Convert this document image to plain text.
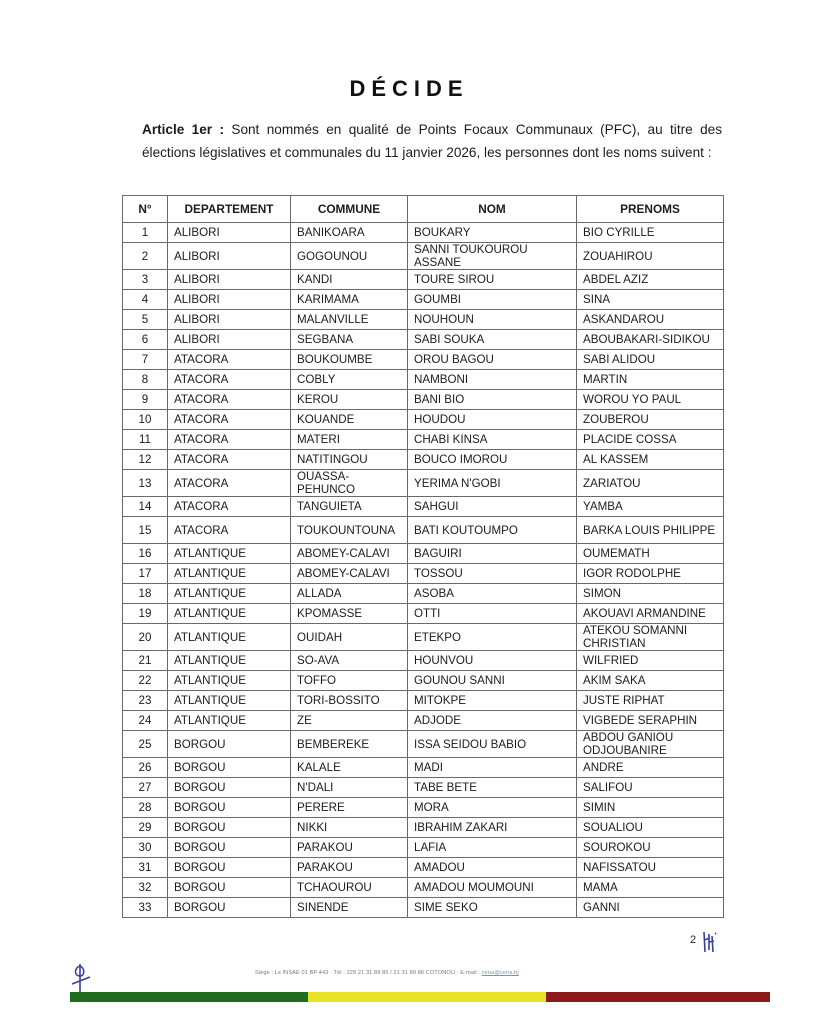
DÉCIDE
Article 1er : Sont nommés en qualité de Points Focaux Communaux (PFC), au titre des élections législatives et communales du 11 janvier 2026, les personnes dont les noms suivent :
N°	DEPARTEMENT	COMMUNE	NOM	PRENOMS
1	ALIBORI	BANIKOARA	BOUKARY	BIO CYRILLE
2	ALIBORI	GOGOUNOU	SANNI TOUKOUROU ASSANE	ZOUAHIROU
3	ALIBORI	KANDI	TOURE SIROU	ABDEL AZIZ
4	ALIBORI	KARIMAMA	GOUMBI	SINA
5	ALIBORI	MALANVILLE	NOUHOUN	ASKANDAROU
6	ALIBORI	SEGBANA	SABI SOUKA	ABOUBAKARI-SIDIKOU
7	ATACORA	BOUKOUMBE	OROU BAGOU	SABI ALIDOU
8	ATACORA	COBLY	NAMBONI	MARTIN
9	ATACORA	KEROU	BANI BIO	WOROU YO PAUL
10	ATACORA	KOUANDE	HOUDOU	ZOUBEROU
11	ATACORA	MATERI	CHABI KINSA	PLACIDE COSSA
12	ATACORA	NATITINGOU	BOUCO IMOROU	AL KASSEM
13	ATACORA	OUASSA-PEHUNCO	YERIMA N'GOBI	ZARIATOU
14	ATACORA	TANGUIETA	SAHGUI	YAMBA
15	ATACORA	TOUKOUNTOUNA	BATI KOUTOUMPO	BARKA LOUIS PHILIPPE
16	ATLANTIQUE	ABOMEY-CALAVI	BAGUIRI	OUMEMATH
17	ATLANTIQUE	ABOMEY-CALAVI	TOSSOU	IGOR RODOLPHE
18	ATLANTIQUE	ALLADA	ASOBA	SIMON
19	ATLANTIQUE	KPOMASSE	OTTI	AKOUAVI ARMANDINE
20	ATLANTIQUE	OUIDAH	ETEKPO	ATEKOU SOMANNI CHRISTIAN
21	ATLANTIQUE	SO-AVA	HOUNVOU	WILFRIED
22	ATLANTIQUE	TOFFO	GOUNOU SANNI	AKIM SAKA
23	ATLANTIQUE	TORI-BOSSITO	MITOKPE	JUSTE RIPHAT
24	ATLANTIQUE	ZE	ADJODE	VIGBEDE SERAPHIN
25	BORGOU	BEMBEREKE	ISSA SEIDOU BABIO	ABDOU GANIOU ODJOUBANIRE
26	BORGOU	KALALE	MADI	ANDRE
27	BORGOU	N'DALI	TABE BETE	SALIFOU
28	BORGOU	PERERE	MORA	SIMIN
29	BORGOU	NIKKI	IBRAHIM ZAKARI	SOUALIOU
30	BORGOU	PARAKOU	LAFIA	SOUROKOU
31	BORGOU	PARAKOU	AMADOU	NAFISSATOU
32	BORGOU	TCHAOUROU	AMADOU MOUMOUNI	MAMA
33	BORGOU	SINENDE	SIME SEKO	GANNI
2
Siège : Lx INSAE 01 BP 443 · Tél : 229 21 31 89 85 / 21 31 89 86 COTONOU · E-mail : cena@cena.bj
